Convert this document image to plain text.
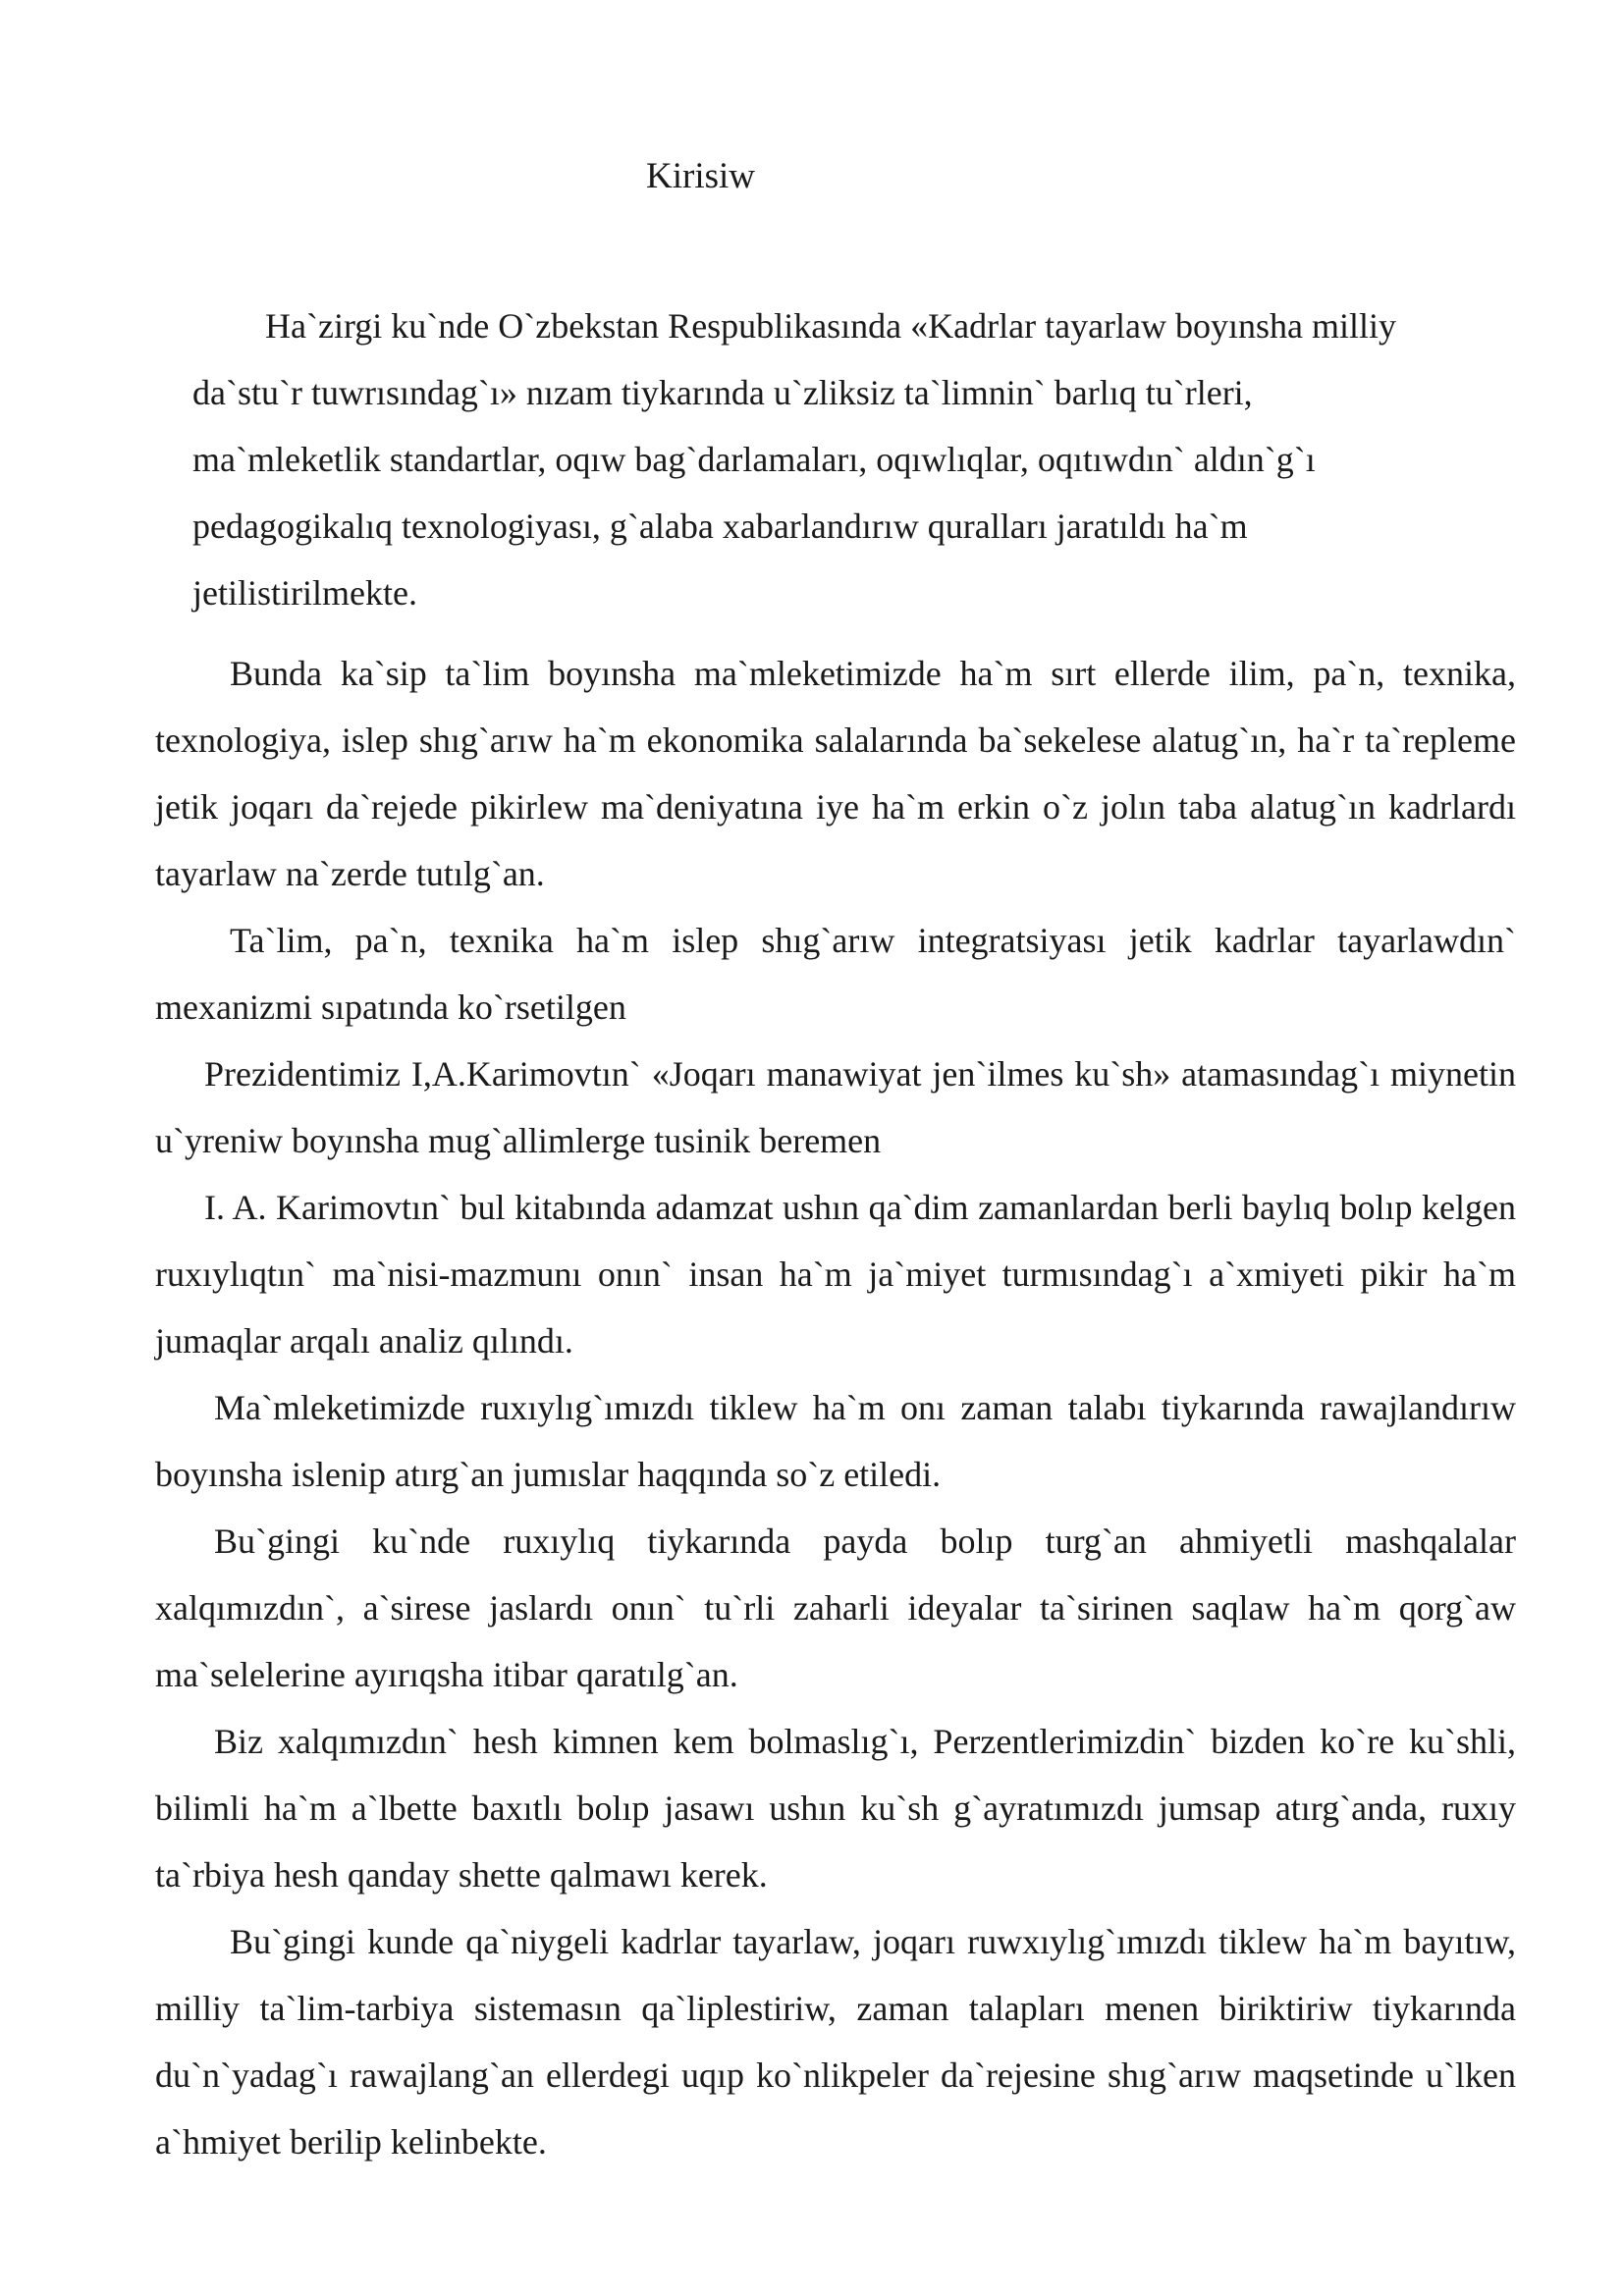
Kirisiw
Ha`zirgi ku`nde O`zbekstan Respublikasında «Kadrlar tayarlaw boyınsha milliy
da`stu`r tuwrısındag`ı» nızam tiykarında u`zliksiz ta`limnin` barlıq tu`rleri,
ma`mleketlik standartlar, oqıw bag`darlamaları, oqıwlıqlar, oqıtıwdın` aldın`g`ı
pedagogikalıq texnologiyası, g`alaba xabarlandırıw quralları jaratıldı ha`m
jetilistirilmekte.

Bunda ka`sip ta`lim boyınsha ma`mleketimizde ha`m sırt ellerde ilim, pa`n, texnika, texnologiya, islep shıg`arıw ha`m ekonomika salalarında ba`sekelese alatug`ın, ha`r ta`repleme jetik joqarı da`rejede pikirlew ma`deniyatına iye ha`m erkin o`z jolın taba alatug`ın kadrlardı tayarlaw na`zerde tutılg`an.

Ta`lim, pa`n, texnika ha`m islep shıg`arıw integratsiyası jetik kadrlar tayarlawdın` mexanizmi sıpatında ko`rsetilgen

Prezidentimiz I,A.Karimovtın` «Joqarı manawiyat jen`ilmes ku`sh» atamasındag`ı miynetin u`yreniw boyınsha mug`allimlerge tusinik beremen

I. A. Karimovtın` bul kitabında adamzat ushın qa`dim zamanlardan berli baylıq bolıp kelgen ruxıylıqtın` ma`nisi-mazmunı onın` insan ha`m ja`miyet turmısındag`ı a`xmiyeti pikir ha`m jumaqlar arqalı analiz qılındı.

Ma`mleketimizde ruxıylıg`ımızdı tiklew ha`m onı zaman talabı tiykarında rawajlandırıw boyınsha islenip atırg`an jumıslar haqqında so`z etiledi.

Bu`gingi ku`nde ruxıylıq tiykarında payda bolıp turg`an ahmiyetli mashqalalar xalqımızdın`, a`sirese jaslardı onın` tu`rli zaharli ideyalar ta`sirinen saqlaw ha`m qorg`aw ma`selelerine ayırıqsha itibar qaratılg`an.

Biz xalqımızdın` hesh kimnen kem bolmaslıg`ı, Perzentlerimizdin` bizden ko`re ku`shli, bilimli ha`m a`lbette baxıtlı bolıp jasawı ushın ku`sh g`ayratımızdı jumsap atırg`anda, ruxıy ta`rbiya hesh qanday shette qalmawı kerek.

Bu`gingi kunde qa`niygeli kadrlar tayarlaw, joqarı ruwxıylıg`ımızdı tiklew ha`m bayıtıw, milliy ta`lim-tarbiya sistemasın qa`liplestiriw, zaman talapları menen biriktiriw tiykarında du`n`yadag`ı rawajlang`an ellerdegi uqıp ko`nlikpeler da`rejesine shıg`arıw maqsetinde u`lken a`hmiyet berilip kelinbekte.
